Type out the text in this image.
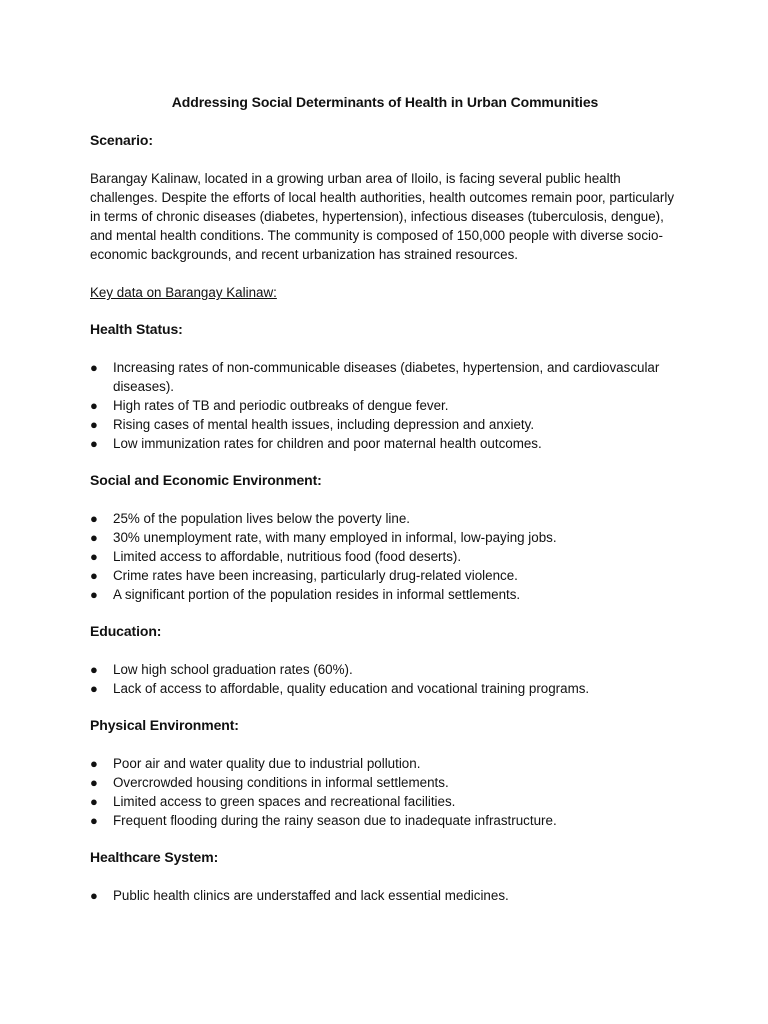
Addressing Social Determinants of Health in Urban Communities
Scenario:

Barangay Kalinaw, located in a growing urban area of Iloilo, is facing several public health challenges. Despite the efforts of local health authorities, health outcomes remain poor, particularly in terms of chronic diseases (diabetes, hypertension), infectious diseases (tuberculosis, dengue), and mental health conditions. The community is composed of 150,000 people with diverse socio-economic backgrounds, and recent urbanization has strained resources.

Key data on Barangay Kalinaw:

Health Status:
● Increasing rates of non-communicable diseases (diabetes, hypertension, and cardiovascular diseases).
● High rates of TB and periodic outbreaks of dengue fever.
● Rising cases of mental health issues, including depression and anxiety.
● Low immunization rates for children and poor maternal health outcomes.
Social and Economic Environment:
● 25% of the population lives below the poverty line.
● 30% unemployment rate, with many employed in informal, low-paying jobs.
● Limited access to affordable, nutritious food (food deserts).
● Crime rates have been increasing, particularly drug-related violence.
● A significant portion of the population resides in informal settlements.
Education:
● Low high school graduation rates (60%).
● Lack of access to affordable, quality education and vocational training programs.
Physical Environment:
● Poor air and water quality due to industrial pollution.
● Overcrowded housing conditions in informal settlements.
● Limited access to green spaces and recreational facilities.
● Frequent flooding during the rainy season due to inadequate infrastructure.
Healthcare System:
● Public health clinics are understaffed and lack essential medicines.
